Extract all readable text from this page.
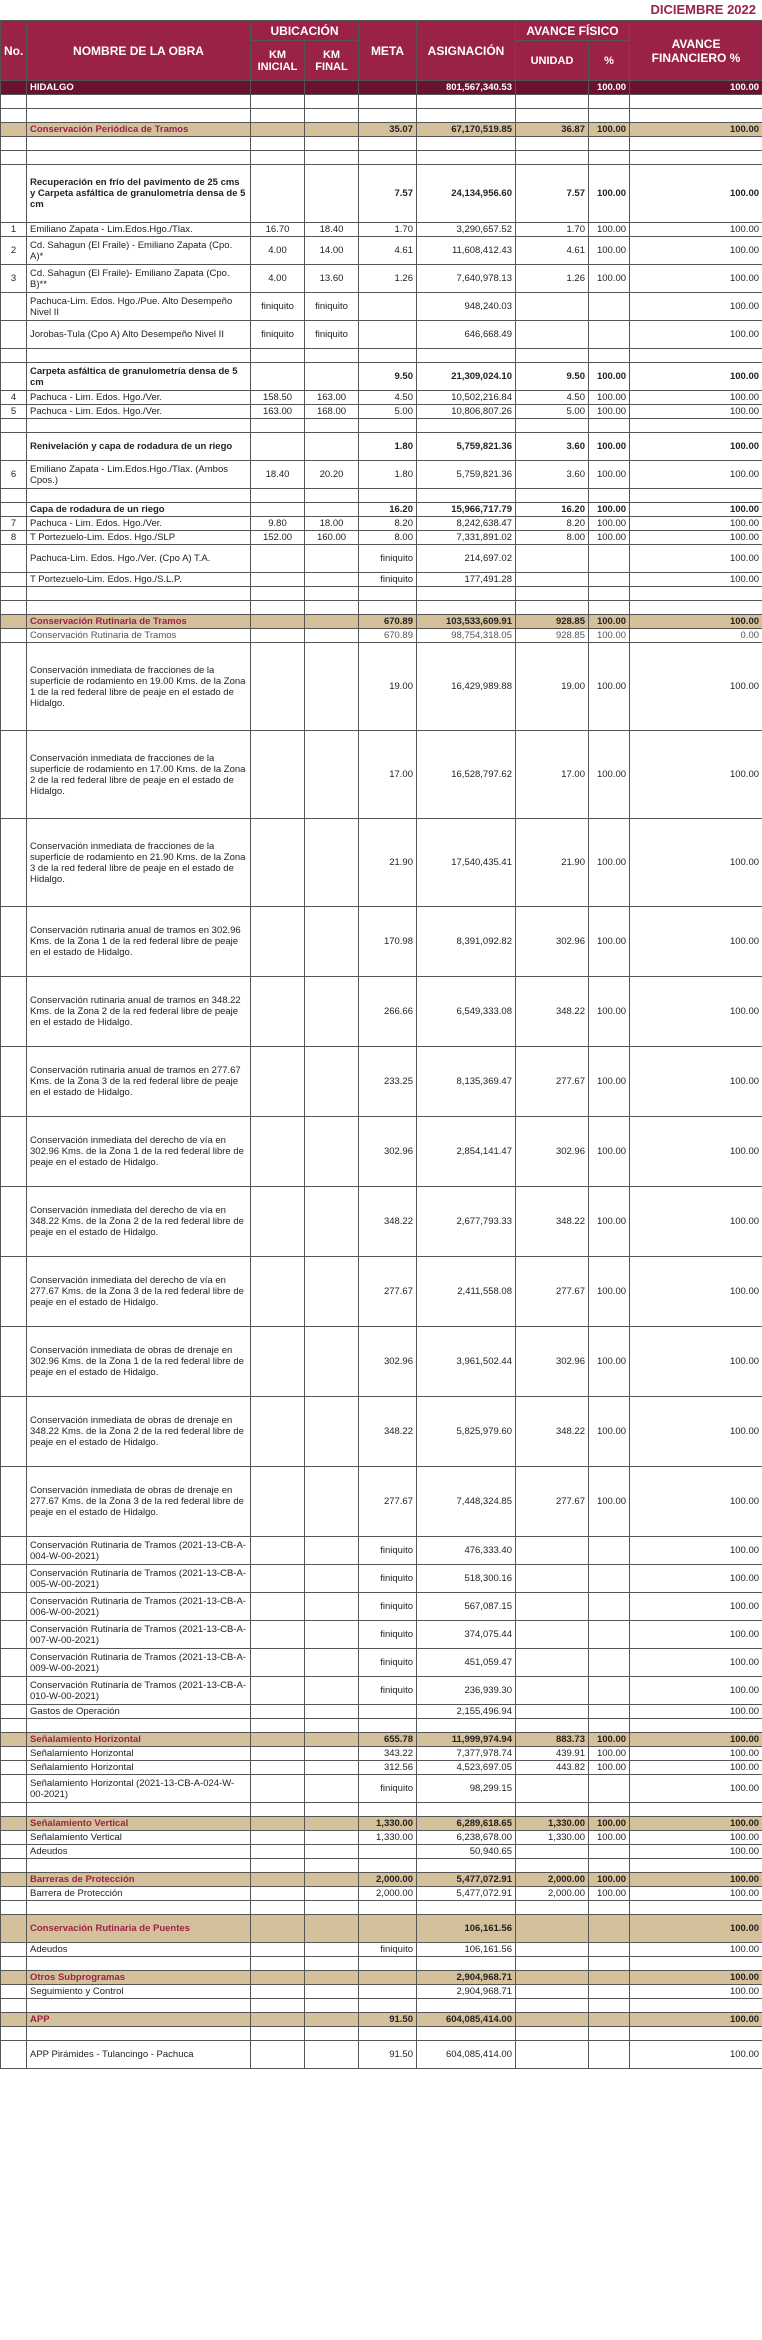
DICIEMBRE 2022
No.	NOMBRE DE LA OBRA	UBICACIÓN		META	ASIGNACIÓN	AVANCE FÍSICO		AVANCE FINANCIERO %
		KM INICIAL	KM FINAL			UNIDAD	%	
	HIDALGO				801,567,340.53		100.00	100.00

	Conservación Periódica de Tramos			35.07	67,170,519.85	36.87	100.00	100.00

	Recuperación en frío del pavimento de 25 cms y Carpeta asfáltica de granulometría densa de 5 cm			7.57	24,134,956.60	7.57	100.00	100.00
1	Emiliano Zapata - Lim.Edos.Hgo./Tlax.	16.70	18.40	1.70	3,290,657.52	1.70	100.00	100.00
2	Cd. Sahagun (El Fraile) - Emiliano Zapata (Cpo. A)*	4.00	14.00	4.61	11,608,412.43	4.61	100.00	100.00
3	Cd. Sahagun (El Fraile)- Emiliano Zapata (Cpo. B)**	4.00	13.60	1.26	7,640,978.13	1.26	100.00	100.00
	Pachuca-Lim. Edos. Hgo./Pue. Alto Desempeño Nivel II	finiquito	finiquito		948,240.03			100.00
	Jorobas-Tula (Cpo A) Alto Desempeño Nivel II	finiquito	finiquito		646,668.49			100.00

	Carpeta asfáltica de granulometría densa de 5 cm			9.50	21,309,024.10	9.50	100.00	100.00
4	Pachuca - Lim. Edos. Hgo./Ver.	158.50	163.00	4.50	10,502,216.84	4.50	100.00	100.00
5	Pachuca - Lim. Edos. Hgo./Ver.	163.00	168.00	5.00	10,806,807.26	5.00	100.00	100.00

	Renivelación y capa de rodadura de un riego			1.80	5,759,821.36	3.60	100.00	100.00
6	Emiliano Zapata - Lim.Edos.Hgo./Tlax. (Ambos Cpos.)	18.40	20.20	1.80	5,759,821.36	3.60	100.00	100.00

	Capa de rodadura de un riego			16.20	15,966,717.79	16.20	100.00	100.00
7	Pachuca - Lim. Edos. Hgo./Ver.	9.80	18.00	8.20	8,242,638.47	8.20	100.00	100.00
8	T Portezuelo-Lim. Edos. Hgo./SLP	152.00	160.00	8.00	7,331,891.02	8.00	100.00	100.00
	Pachuca-Lim. Edos. Hgo./Ver. (Cpo A) T.A.			finiquito	214,697.02			100.00
	T Portezuelo-Lim. Edos. Hgo./S.L.P.			finiquito	177,491.28			100.00

	Conservación Rutinaria de Tramos			670.89	103,533,609.91	928.85	100.00	100.00
	Conservación Rutinaria de Tramos			670.89	98,754,318.05	928.85	100.00	0.00
	Conservación inmediata de fracciones de la superficie de rodamiento en 19.00 Kms. de la Zona 1 de la red federal libre de peaje en el estado de Hidalgo.			19.00	16,429,989.88	19.00	100.00	100.00
	Conservación inmediata de fracciones de la superficie de rodamiento en 17.00 Kms. de la Zona 2 de la red federal libre de peaje en el estado de Hidalgo.			17.00	16,528,797.62	17.00	100.00	100.00
	Conservación inmediata de fracciones de la superficie de rodamiento en 21.90 Kms. de la Zona 3 de la red federal libre de peaje en el estado de Hidalgo.			21.90	17,540,435.41	21.90	100.00	100.00
	Conservación rutinaria anual de tramos en 302.96 Kms. de la Zona 1 de la red federal libre de peaje en el estado de Hidalgo.			170.98	8,391,092.82	302.96	100.00	100.00
	Conservación rutinaria anual de tramos en 348.22 Kms. de la Zona 2 de la red federal libre de peaje en el estado de Hidalgo.			266.66	6,549,333.08	348.22	100.00	100.00
	Conservación rutinaria anual de tramos en 277.67 Kms. de la Zona 3 de la red federal libre de peaje en el estado de Hidalgo.			233.25	8,135,369.47	277.67	100.00	100.00
	Conservación inmediata del derecho de vía en 302.96 Kms. de la Zona 1 de la red federal libre de peaje en el estado de Hidalgo.			302.96	2,854,141.47	302.96	100.00	100.00
	Conservación inmediata del derecho de vía en 348.22 Kms. de la Zona 2 de la red federal libre de peaje en el estado de Hidalgo.			348.22	2,677,793.33	348.22	100.00	100.00
	Conservación inmediata del derecho de vía en 277.67 Kms. de la Zona 3 de la red federal libre de peaje en el estado de Hidalgo.			277.67	2,411,558.08	277.67	100.00	100.00
	Conservación inmediata de obras de drenaje en 302.96 Kms. de la Zona 1 de la red federal libre de peaje en el estado de Hidalgo.			302.96	3,961,502.44	302.96	100.00	100.00
	Conservación inmediata de obras de drenaje en 348.22 Kms. de la Zona 2 de la red federal libre de peaje en el estado de Hidalgo.			348.22	5,825,979.60	348.22	100.00	100.00
	Conservación inmediata de obras de drenaje en 277.67 Kms. de la Zona 3 de la red federal libre de peaje en el estado de Hidalgo.			277.67	7,448,324.85	277.67	100.00	100.00
	Conservación Rutinaria de Tramos (2021-13-CB-A-004-W-00-2021)			finiquito	476,333.40			100.00
	Conservación Rutinaria de Tramos (2021-13-CB-A-005-W-00-2021)			finiquito	518,300.16			100.00
	Conservación Rutinaria de Tramos (2021-13-CB-A-006-W-00-2021)			finiquito	567,087.15			100.00
	Conservación Rutinaria de Tramos (2021-13-CB-A-007-W-00-2021)			finiquito	374,075.44			100.00
	Conservación Rutinaria de Tramos (2021-13-CB-A-009-W-00-2021)			finiquito	451,059.47			100.00
	Conservación Rutinaria de Tramos (2021-13-CB-A-010-W-00-2021)			finiquito	236,939.30			100.00
	Gastos de Operación				2,155,496.94			100.00

	Señalamiento Horizontal			655.78	11,999,974.94	883.73	100.00	100.00
	Señalamiento Horizontal			343.22	7,377,978.74	439.91	100.00	100.00
	Señalamiento Horizontal			312.56	4,523,697.05	443.82	100.00	100.00
	Señalamiento Horizontal (2021-13-CB-A-024-W-00-2021)			finiquito	98,299.15			100.00

	Señalamiento Vertical			1,330.00	6,289,618.65	1,330.00	100.00	100.00
	Señalamiento Vertical			1,330.00	6,238,678.00	1,330.00	100.00	100.00
	Adeudos				50,940.65			100.00

	Barreras de Protección			2,000.00	5,477,072.91	2,000.00	100.00	100.00
	Barrera de Protección			2,000.00	5,477,072.91	2,000.00	100.00	100.00

	Conservación Rutinaria de Puentes				106,161.56			100.00
	Adeudos			finiquito	106,161.56			100.00

	Otros Subprogramas				2,904,968.71			100.00
	Seguimiento y Control				2,904,968.71			100.00

	APP			91.50	604,085,414.00			100.00

	APP Pirámides - Tulancingo - Pachuca			91.50	604,085,414.00			100.00
